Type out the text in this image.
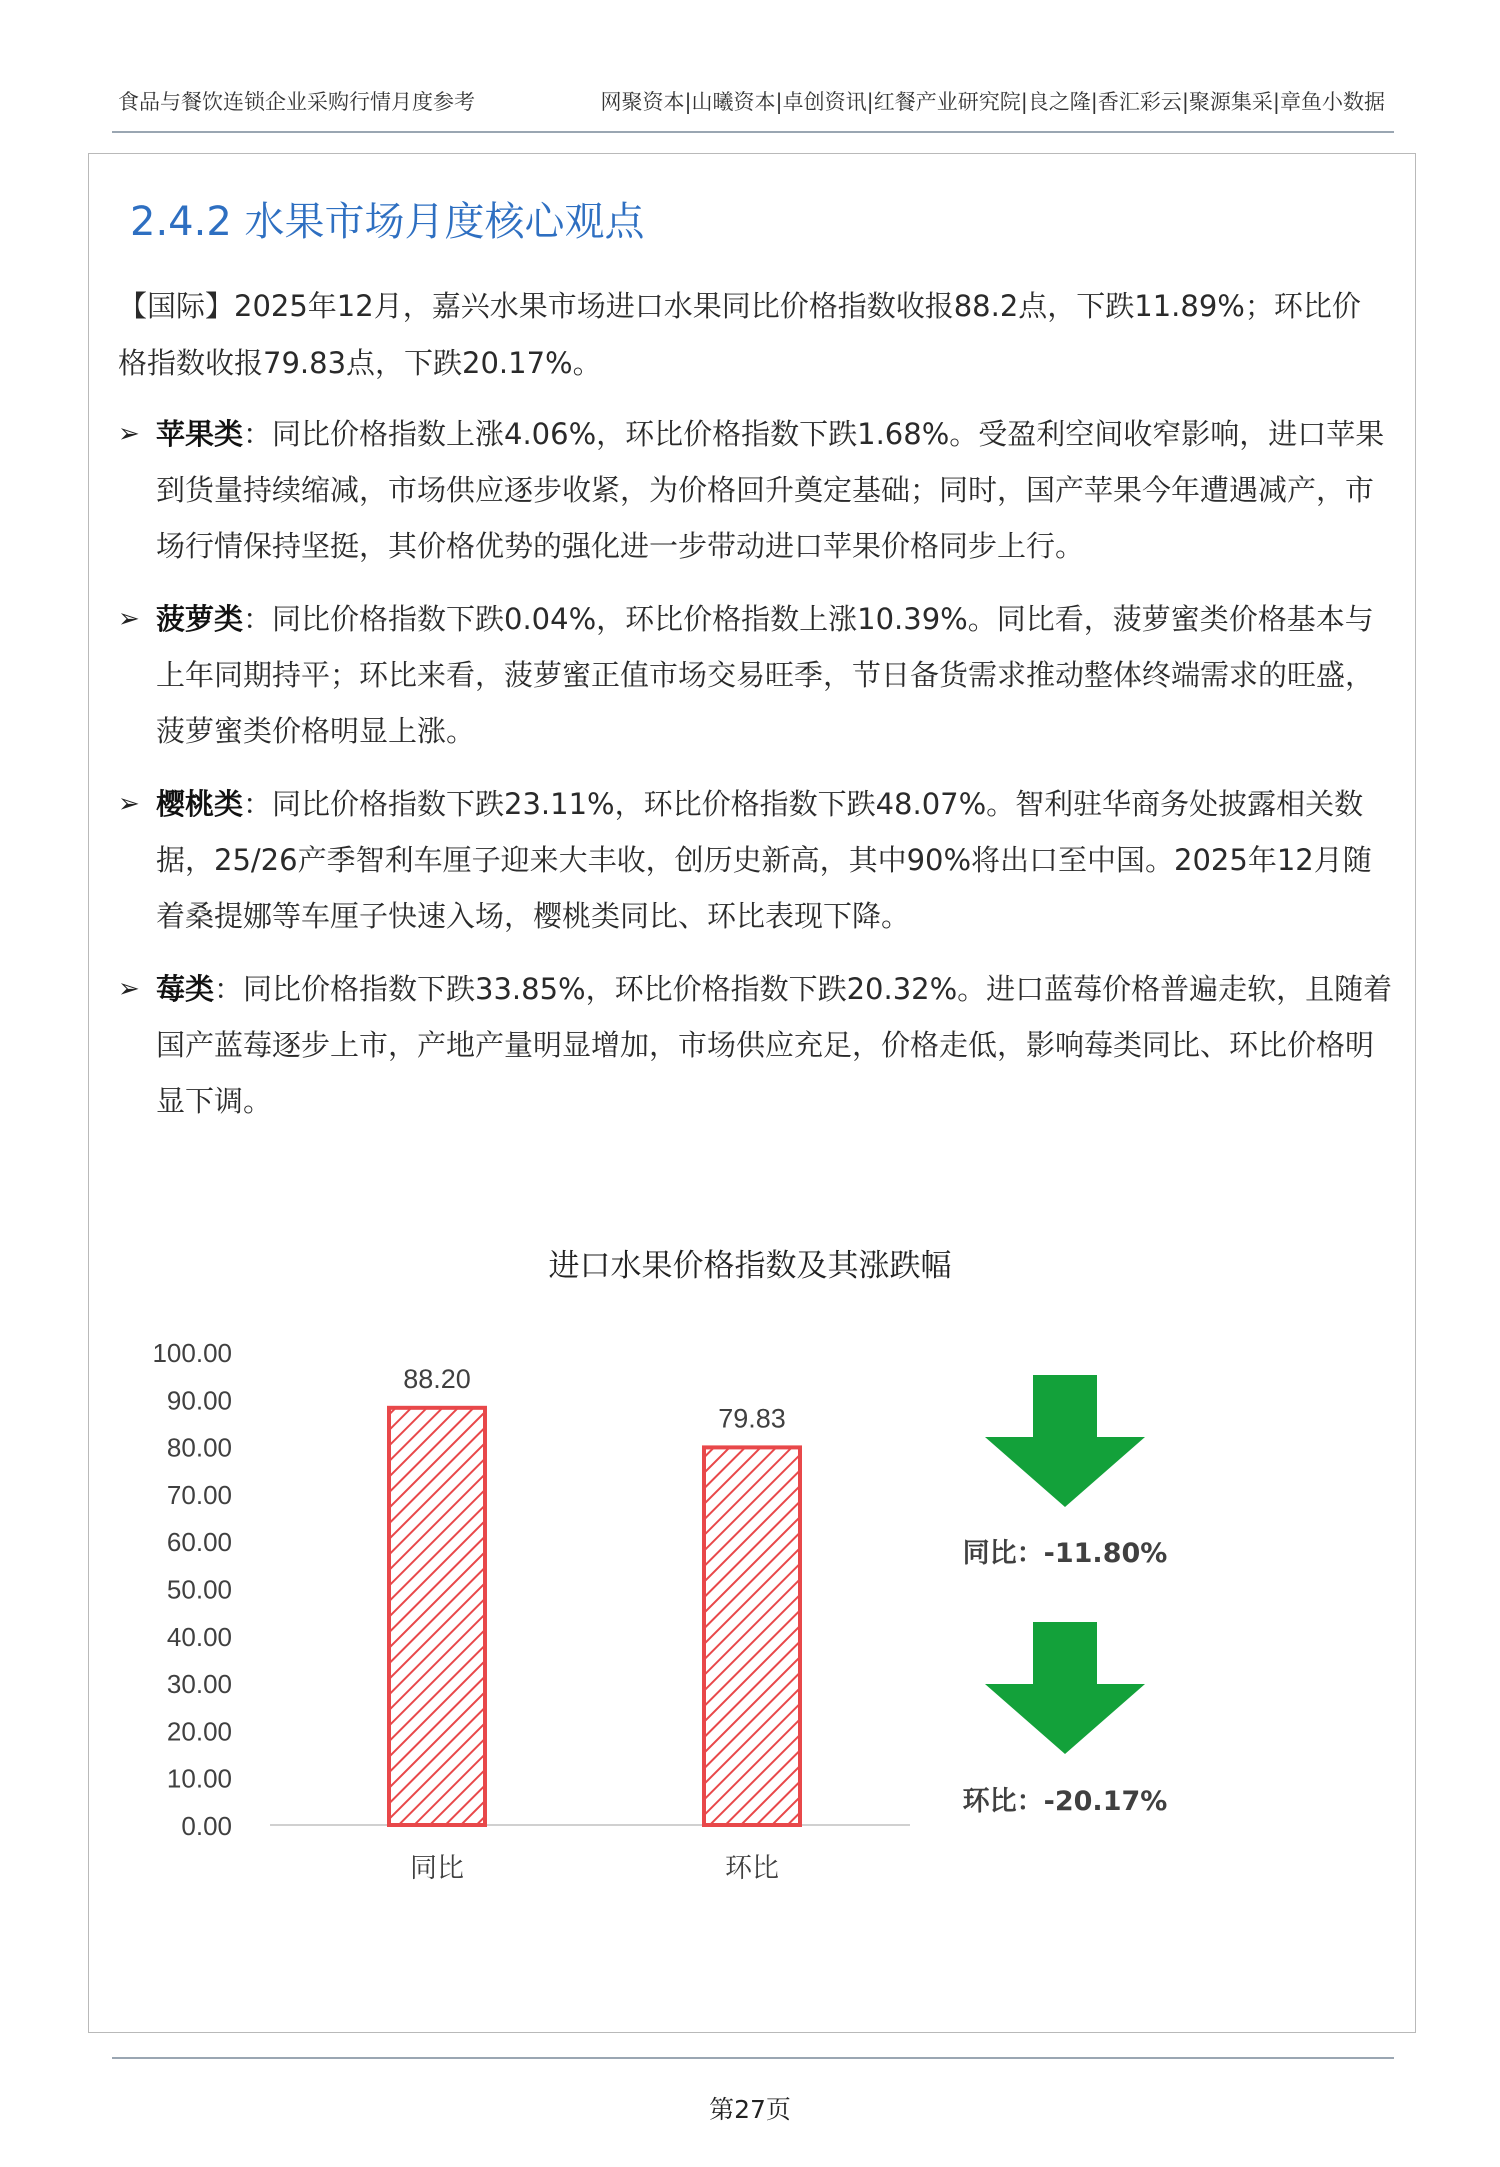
食品与餐饮连锁企业采购行情月度参考	网聚资本|山曦资本|卓创资讯|红餐产业研究院|良之隆|香汇彩云|聚源集采|章鱼小数据
2.4.2 水果市场月度核心观点
【国际】2025年12月，嘉兴水果市场进口水果同比价格指数收报88.2点，下跌11.89%；环比价格指数收报79.83点，下跌20.17%。
➢ 苹果类：同比价格指数上涨4.06%，环比价格指数下跌1.68%。受盈利空间收窄影响，进口苹果到货量持续缩减，市场供应逐步收紧，为价格回升奠定基础；同时，国产苹果今年遭遇减产，市场行情保持坚挺，其价格优势的强化进一步带动进口苹果价格同步上行。
➢ 菠萝类：同比价格指数下跌0.04%，环比价格指数上涨10.39%。同比看，菠萝蜜类价格基本与上年同期持平；环比来看，菠萝蜜正值市场交易旺季，节日备货需求推动整体终端需求的旺盛，菠萝蜜类价格明显上涨。
➢ 樱桃类：同比价格指数下跌23.11%，环比价格指数下跌48.07%。智利驻华商务处披露相关数据，25/26产季智利车厘子迎来大丰收，创历史新高，其中90%将出口至中国。2025年12月随着桑提娜等车厘子快速入场，樱桃类同比、环比表现下降。
➢ 莓类：同比价格指数下跌33.85%，环比价格指数下跌20.32%。进口蓝莓价格普遍走软，且随着国产蓝莓逐步上市，产地产量明显增加，市场供应充足，价格走低，影响莓类同比、环比价格明显下调。
进口水果价格指数及其涨跌幅
0.00
10.00
20.00
30.00
40.00
50.00
60.00
70.00
80.00
90.00
100.00
88.20
同比
79.83
环比
同比：-11.80%
环比：-20.17%
第27页
